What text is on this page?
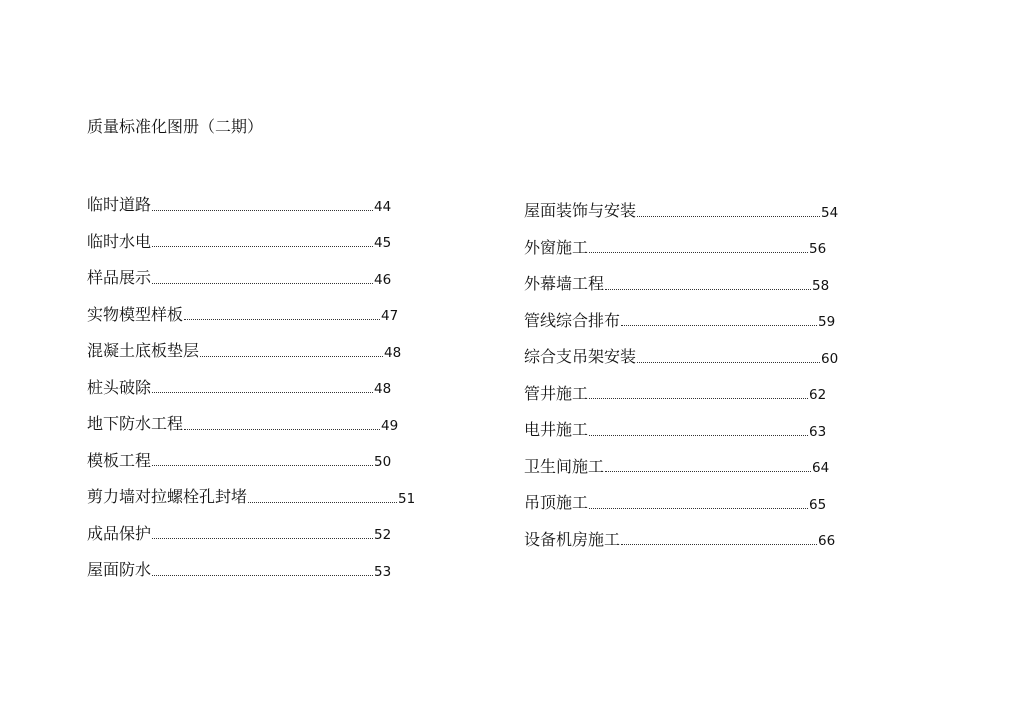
质量标准化图册（二期）
临时道路	44
临时水电	45
样品展示	46
实物模型样板	47
混凝土底板垫层	48
桩头破除	48
地下防水工程	49
模板工程	50
剪力墙对拉螺栓孔封堵	51
成品保护	52
屋面防水	53
屋面装饰与安装	54
外窗施工	56
外幕墙工程	58
管线综合排布	59
综合支吊架安装	60
管井施工	62
电井施工	63
卫生间施工	64
吊顶施工	65
设备机房施工	66
